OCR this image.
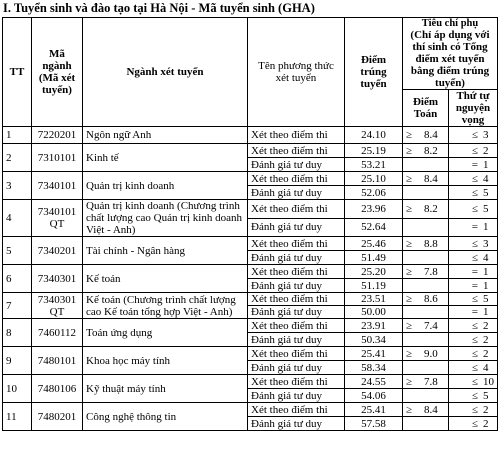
I. Tuyển sinh và đào tạo tại Hà Nội - Mã tuyển sinh (GHA)
TT	Mã ngành (Mã xét tuyển)	Ngành xét tuyển	Tên phương thức xét tuyển	Điểm trúng tuyển	Tiêu chí phụ
(Chỉ áp dụng với thí sinh có Tổng điểm xét tuyển bằng điểm trúng tuyển)	

					Điểm Toán	Thứ tự nguyện vọng
1	7220201	Ngôn ngữ Anh	Xét theo điểm thi	24.10	≥ 8.4	≤ 3
2	7310101	Kinh tế	Xét theo điểm thi	25.19	≥ 8.2	≤ 2
			Đánh giá tư duy	53.21		= 1
3	7340101	Quản trị kinh doanh	Xét theo điểm thi	25.10	≥ 8.4	≤ 4
			Đánh giá tư duy	52.06		≤ 5
4	7340101 QT	Quản trị kinh doanh (Chương trình chất lượng cao Quản trị kinh doanh Việt - Anh)	Xét theo điểm thi	23.96	≥ 8.2	≤ 5
			Đánh giá tư duy	52.64		= 1
5	7340201	Tài chính - Ngân hàng	Xét theo điểm thi	25.46	≥ 8.8	≤ 3
			Đánh giá tư duy	51.49		≤ 4
6	7340301	Kế toán	Xét theo điểm thi	25.20	≥ 7.8	= 1
			Đánh giá tư duy	51.19		= 1
7	7340301 QT	Kế toán (Chương trình chất lượng cao Kế toán tổng hợp Việt - Anh)	Xét theo điểm thi	23.51	≥ 8.6	≤ 5
			Đánh giá tư duy	50.00		= 1
8	7460112	Toán ứng dụng	Xét theo điểm thi	23.91	≥ 7.4	≤ 2
			Đánh giá tư duy	50.34		≤ 2
9	7480101	Khoa học máy tính	Xét theo điểm thi	25.41	≥ 9.0	≤ 2
			Đánh giá tư duy	58.34		≤ 4
10	7480106	Kỹ thuật máy tính	Xét theo điểm thi	24.55	≥ 7.8	≤ 10
			Đánh giá tư duy	54.06		≤ 5
11	7480201	Công nghệ thông tin	Xét theo điểm thi	25.41	≥ 8.4	≤ 2
			Đánh giá tư duy	57.58		≤ 2
